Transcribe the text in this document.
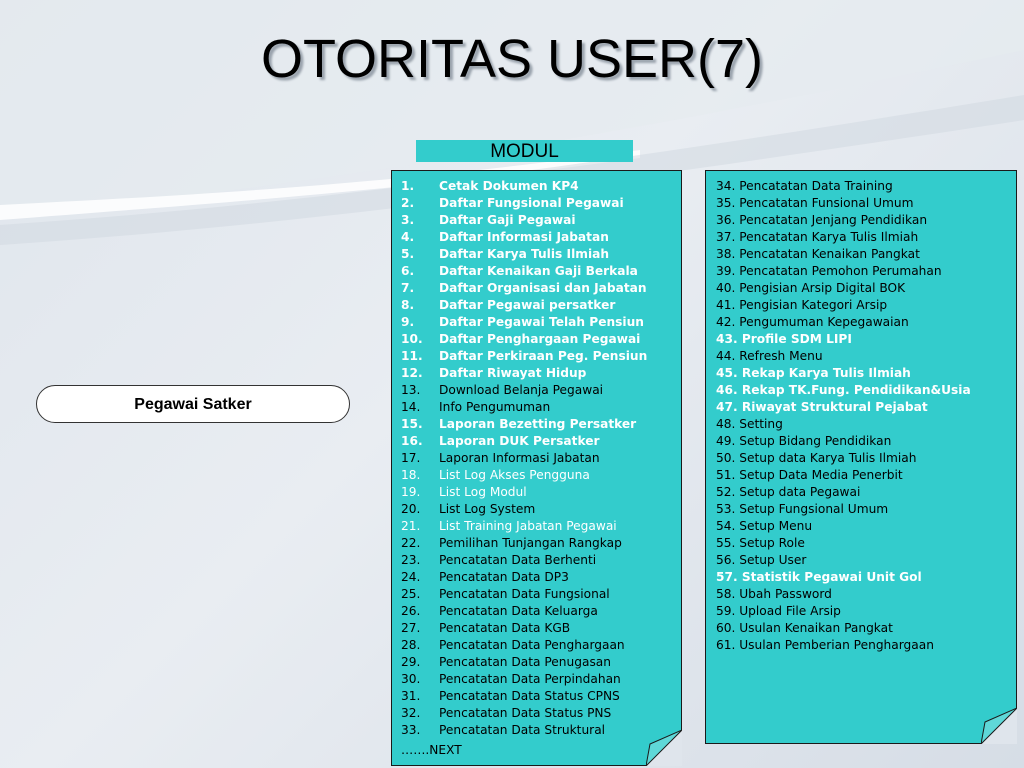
OTORITAS USER(7)
MODUL
Pegawai Satker
1. Cetak Dokumen KP4
2. Daftar Fungsional Pegawai
3. Daftar Gaji Pegawai
4. Daftar Informasi Jabatan
5. Daftar Karya Tulis Ilmiah
6. Daftar Kenaikan Gaji Berkala
7. Daftar Organisasi dan Jabatan
8. Daftar Pegawai persatker
9. Daftar Pegawai Telah Pensiun
10. Daftar Penghargaan Pegawai
11. Daftar Perkiraan Peg. Pensiun
12. Daftar Riwayat Hidup
13. Download Belanja Pegawai
14. Info Pengumuman
15. Laporan Bezetting Persatker
16. Laporan DUK Persatker
17. Laporan Informasi Jabatan
18. List Log Akses Pengguna
19. List Log Modul
20. List Log System
21. List Training Jabatan Pegawai
22. Pemilihan Tunjangan Rangkap
23. Pencatatan Data Berhenti
24. Pencatatan Data DP3
25. Pencatatan Data Fungsional
26. Pencatatan Data Keluarga
27. Pencatatan Data KGB
28. Pencatatan Data Penghargaan
29. Pencatatan Data Penugasan
30. Pencatatan Data Perpindahan
31. Pencatatan Data Status CPNS
32. Pencatatan Data Status PNS
33. Pencatatan Data Struktural
…….NEXT
34. Pencatatan Data Training
35. Pencatatan Funsional Umum
36. Pencatatan Jenjang Pendidikan
37. Pencatatan Karya Tulis Ilmiah
38. Pencatatan Kenaikan Pangkat
39. Pencatatan Pemohon Perumahan
40. Pengisian Arsip Digital BOK
41. Pengisian Kategori Arsip
42. Pengumuman Kepegawaian
43. Profile SDM LIPI
44. Refresh Menu
45. Rekap Karya Tulis Ilmiah
46. Rekap TK.Fung. Pendidikan&Usia
47. Riwayat Struktural Pejabat
48. Setting
49. Setup Bidang Pendidikan
50. Setup data Karya Tulis Ilmiah
51. Setup Data Media Penerbit
52. Setup data Pegawai
53. Setup Fungsional Umum
54. Setup Menu
55. Setup Role
56. Setup User
57. Statistik Pegawai Unit Gol
58. Ubah Password
59. Upload File Arsip
60. Usulan Kenaikan Pangkat
61. Usulan Pemberian Penghargaan
